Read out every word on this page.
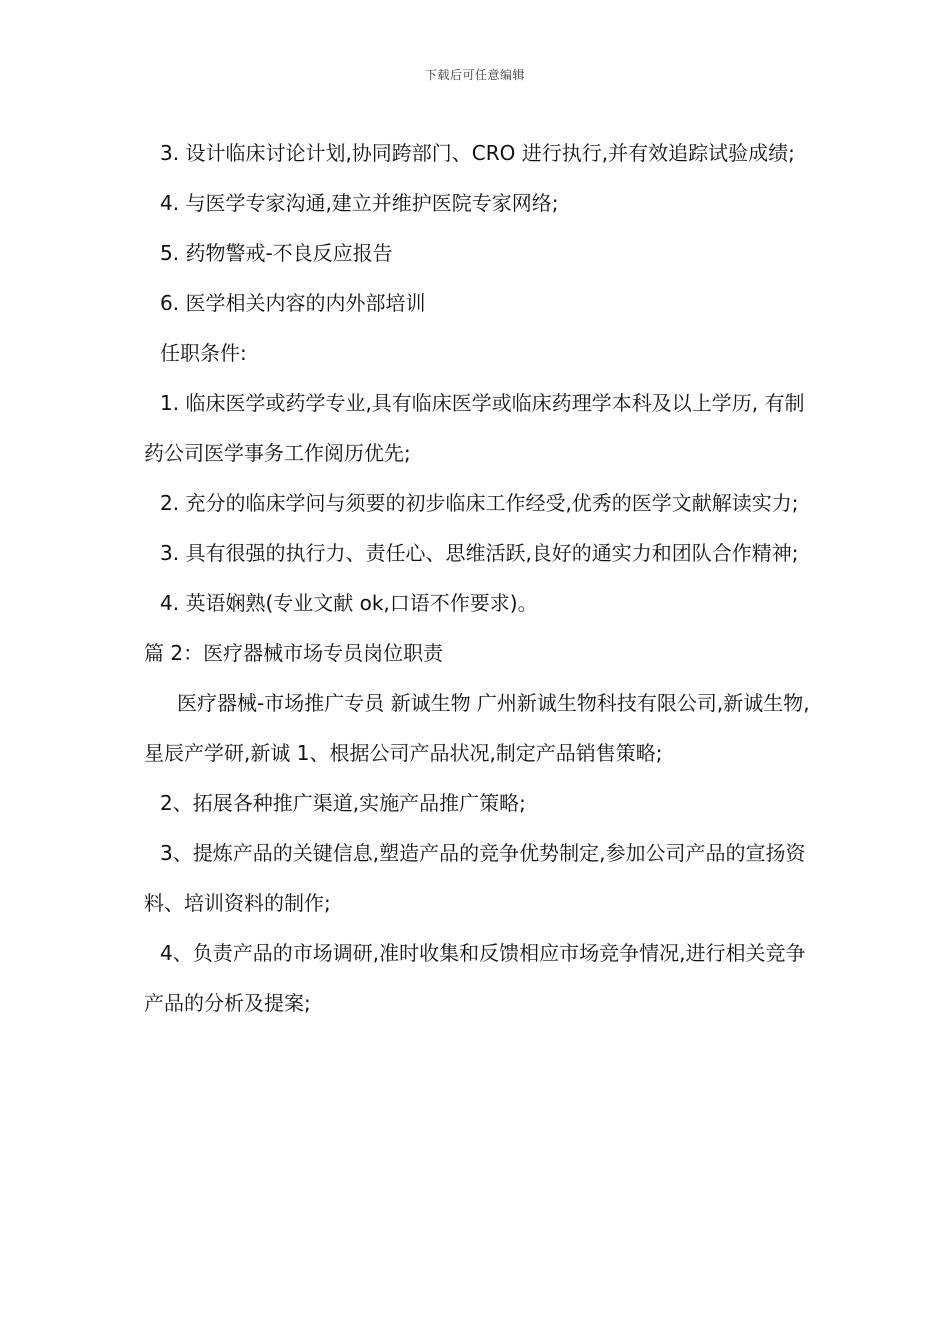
下载后可任意编辑

3. 设计临床讨论计划,协同跨部门、CRO 进行执行,并有效追踪试验成绩;

4. 与医学专家沟通,建立并维护医院专家网络;

5. 药物警戒-不良反应报告

6. 医学相关内容的内外部培训

任职条件:

1. 临床医学或药学专业,具有临床医学或临床药理学本科及以上学历, 有制药公司医学事务工作阅历优先;

2. 充分的临床学问与须要的初步临床工作经受,优秀的医学文献解读实力;

3. 具有很强的执行力、责任心、思维活跃,良好的通实力和团队合作精神;

4. 英语娴熟(专业文献 ok,口语不作要求)。

篇 2：医疗器械市场专员岗位职责

医疗器械-市场推广专员 新诚生物 广州新诚生物科技有限公司,新诚生物,星辰产学研,新诚 1、根据公司产品状况,制定产品销售策略;

2、拓展各种推广渠道,实施产品推广策略;

3、提炼产品的关键信息,塑造产品的竞争优势制定,参加公司产品的宣扬资料、培训资料的制作;

4、负责产品的市场调研,准时收集和反馈相应市场竞争情况,进行相关竞争产品的分析及提案;
